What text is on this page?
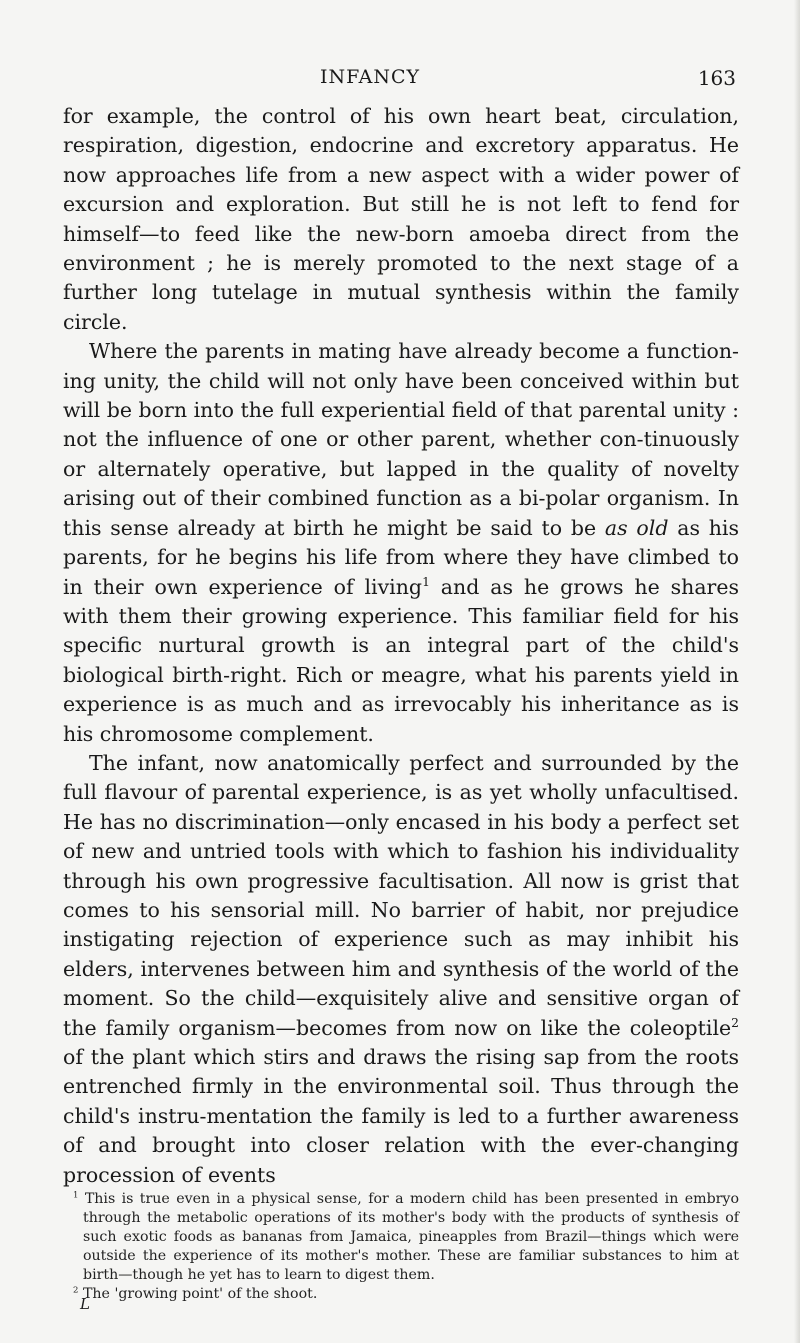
INFANCY	163

for example, the control of his own heart beat, circulation, respiration, digestion, endocrine and excretory apparatus. He now approaches life from a new aspect with a wider power of excursion and exploration. But still he is not left to fend for himself—to feed like the new-born amoeba direct from the environment ; he is merely promoted to the next stage of a further long tutelage in mutual synthesis within the family circle.

Where the parents in mating have already become a function-ing unity, the child will not only have been conceived within but will be born into the full experiential field of that parental unity : not the influence of one or other parent, whether con-tinuously or alternately operative, but lapped in the quality of novelty arising out of their combined function as a bi-polar organism. In this sense already at birth he might be said to be as old as his parents, for he begins his life from where they have climbed to in their own experience of living$^1$ and as he grows he shares with them their growing experience. This familiar field for his specific nurtural growth is an integral part of the child's biological birth-right. Rich or meagre, what his parents yield in experience is as much and as irrevocably his inheritance as is his chromosome complement.

The infant, now anatomically perfect and surrounded by the full flavour of parental experience, is as yet wholly unfacultised. He has no discrimination—only encased in his body a perfect set of new and untried tools with which to fashion his individuality through his own progressive facultisation. All now is grist that comes to his sensorial mill. No barrier of habit, nor prejudice instigating rejection of experience such as may inhibit his elders, intervenes between him and synthesis of the world of the moment. So the child—exquisitely alive and sensitive organ of the family organism—becomes from now on like the coleoptile$^2$ of the plant which stirs and draws the rising sap from the roots entrenched firmly in the environmental soil. Thus through the child's instru-mentation the family is led to a further awareness of and brought into closer relation with the ever-changing procession of events

$^1$ This is true even in a physical sense, for a modern child has been presented in embryo through the metabolic operations of its mother's body with the products of synthesis of such exotic foods as bananas from Jamaica, pineapples from Brazil—things which were outside the experience of its mother's mother. These are familiar substances to him at birth—though he yet has to learn to digest them.

$^2$ The 'growing point' of the shoot.

L
